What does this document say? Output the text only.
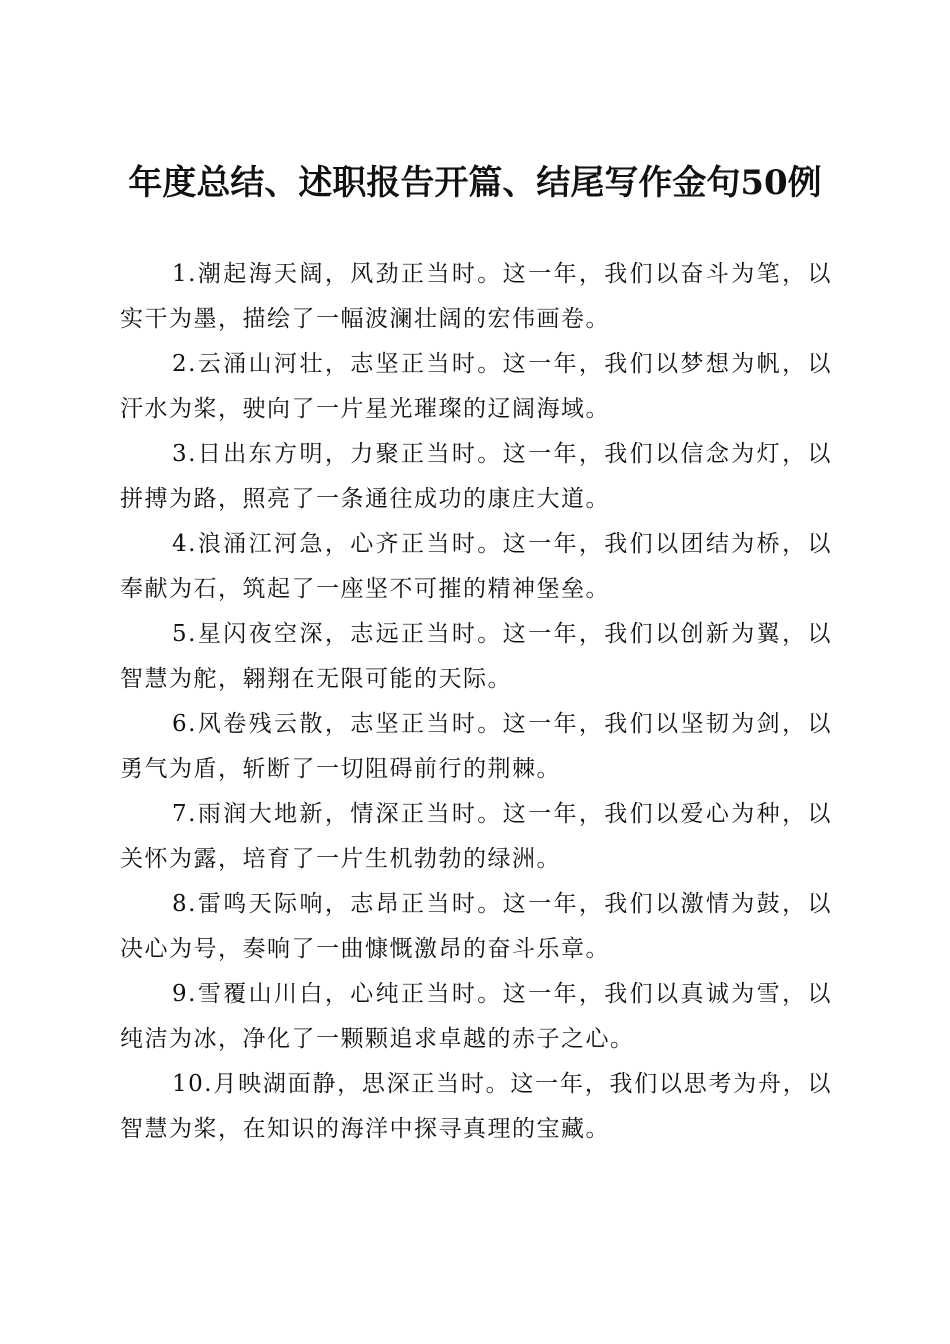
年度总结、述职报告开篇、结尾写作金句50例

1.潮起海天阔，风劲正当时。这一年，我们以奋斗为笔，以实干为墨，描绘了一幅波澜壮阔的宏伟画卷。

2.云涌山河壮，志坚正当时。这一年，我们以梦想为帆，以汗水为桨，驶向了一片星光璀璨的辽阔海域。

3.日出东方明，力聚正当时。这一年，我们以信念为灯，以拼搏为路，照亮了一条通往成功的康庄大道。

4.浪涌江河急，心齐正当时。这一年，我们以团结为桥，以奉献为石，筑起了一座坚不可摧的精神堡垒。

5.星闪夜空深，志远正当时。这一年，我们以创新为翼，以智慧为舵，翱翔在无限可能的天际。

6.风卷残云散，志坚正当时。这一年，我们以坚韧为剑，以勇气为盾，斩断了一切阻碍前行的荆棘。

7.雨润大地新，情深正当时。这一年，我们以爱心为种，以关怀为露，培育了一片生机勃勃的绿洲。

8.雷鸣天际响，志昂正当时。这一年，我们以激情为鼓，以决心为号，奏响了一曲慷慨激昂的奋斗乐章。

9.雪覆山川白，心纯正当时。这一年，我们以真诚为雪，以纯洁为冰，净化了一颗颗追求卓越的赤子之心。

10.月映湖面静，思深正当时。这一年，我们以思考为舟，以智慧为桨，在知识的海洋中探寻真理的宝藏。
